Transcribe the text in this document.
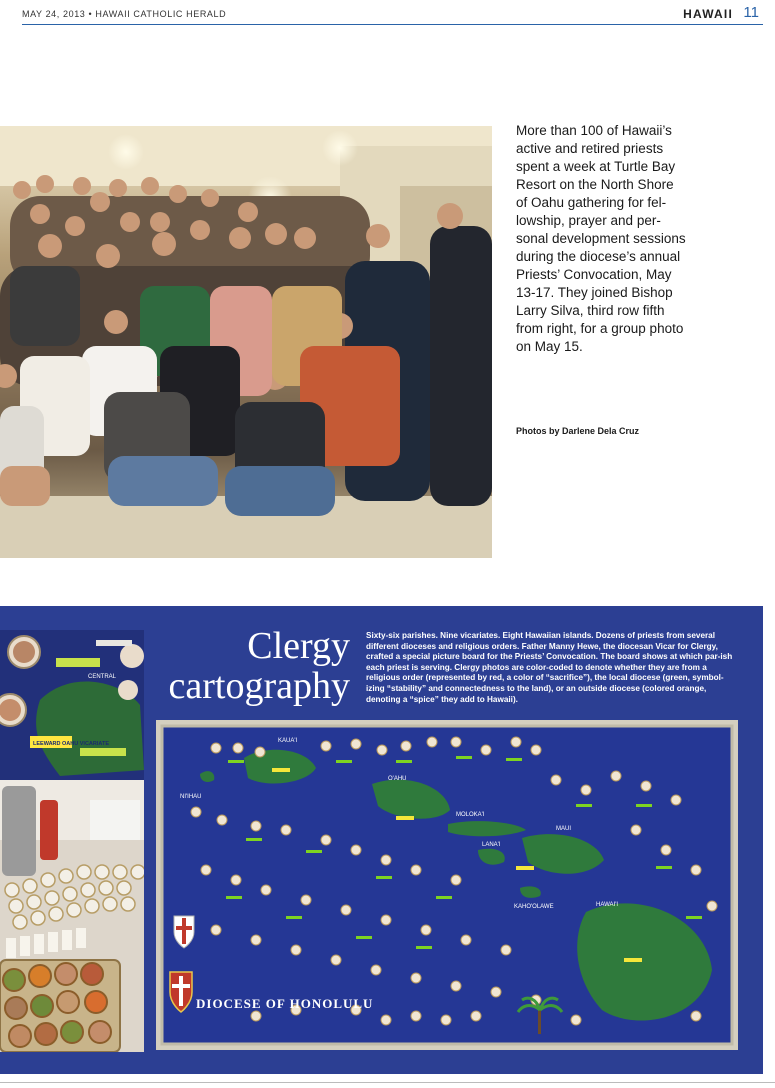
MAY 24, 2013 • HAWAII CATHOLIC HERALD	HAWAII 11
More than 100 of Hawaii’s active and retired priests spent a week at Turtle Bay Resort on the North Shore of Oahu gathering for fel-lowship, prayer and per-sonal development sessions during the diocese’s annual Priests’ Convocation, May 13-17. They joined Bishop Larry Silva, third row fifth from right, for a group photo on May 15.
Photos by Darlene Dela Cruz
Clergy
cartography
Sixty-six parishes. Nine vicariates. Eight Hawaiian islands. Dozens of priests from several different dioceses and religious orders. Father Manny Hewe, the diocesan Vicar for Clergy, crafted a special picture board for the Priests’ Convocation. The board shows at which par-ish each priest is serving. Clergy photos are color-coded to denote whether they are from a religious order (represented by red, a color of “sacrifice”), the local diocese (green, symbol-izing “stability” and connectedness to the land), or an outside diocese (colored orange, denoting a “spice” they add to Hawaii).
LEEWARD OAHU VICARIATE
CENTRAL
KAUA'I
O'AHU
MOLOKA'I
MAUI
LANA'I
KAHO'OLAWE	HAWAI'I
NI'IHAU
DIOCESE OF HONOLULU
